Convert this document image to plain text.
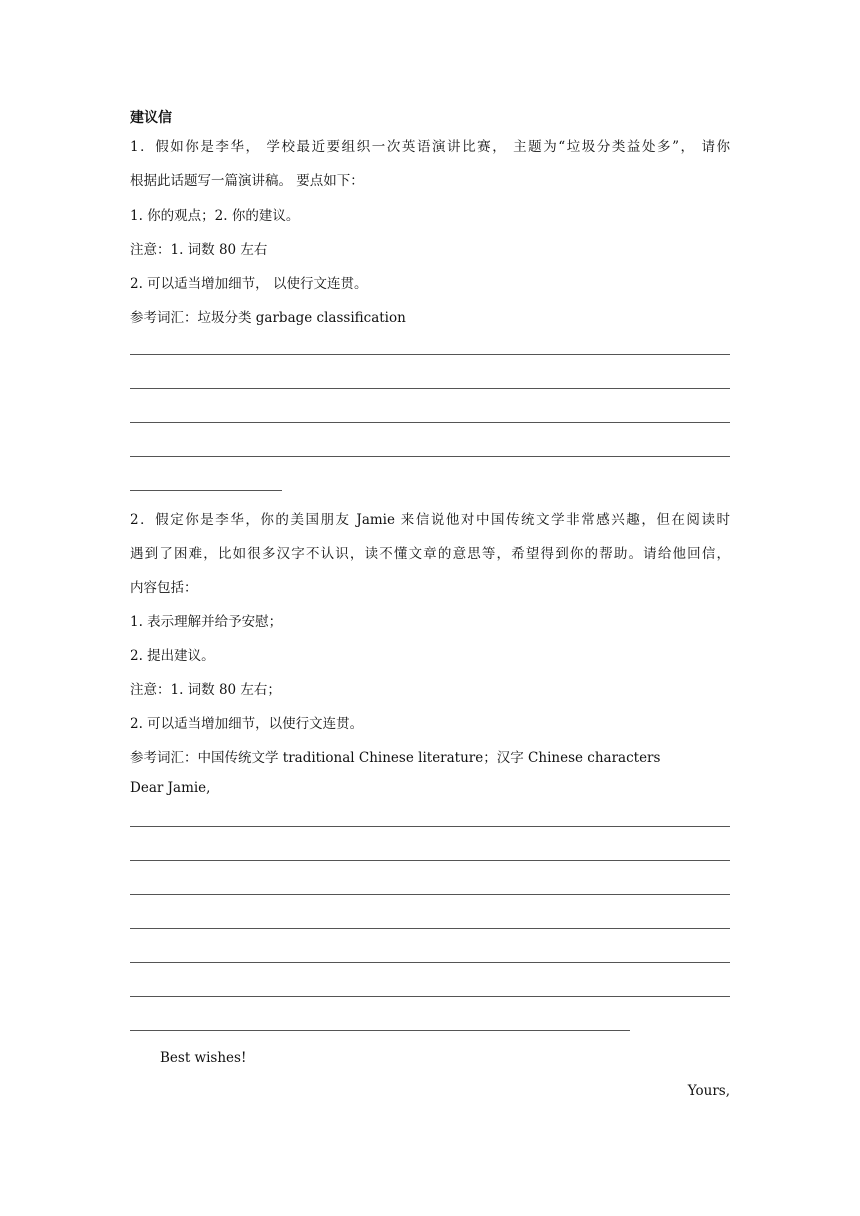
建议信
1．假如你是李华， 学校最近要组织一次英语演讲比赛， 主题为“垃圾分类益处多”， 请你
根据此话题写一篇演讲稿。 要点如下：
1. 你的观点；2. 你的建议。
注意：1. 词数 80 左右
2. 可以适当增加细节， 以使行文连贯。
参考词汇：垃圾分类 garbage classification
2．假定你是李华，你的美国朋友 Jamie 来信说他对中国传统文学非常感兴趣，但在阅读时
遇到了困难，比如很多汉字不认识，读不懂文章的意思等，希望得到你的帮助。请给他回信，
内容包括：
1. 表示理解并给予安慰；
2. 提出建议。
注意：1. 词数 80 左右；
2. 可以适当增加细节，以使行文连贯。
参考词汇：中国传统文学 traditional Chinese literature；汉字 Chinese characters
Dear Jamie,
Best wishes!
Yours,
